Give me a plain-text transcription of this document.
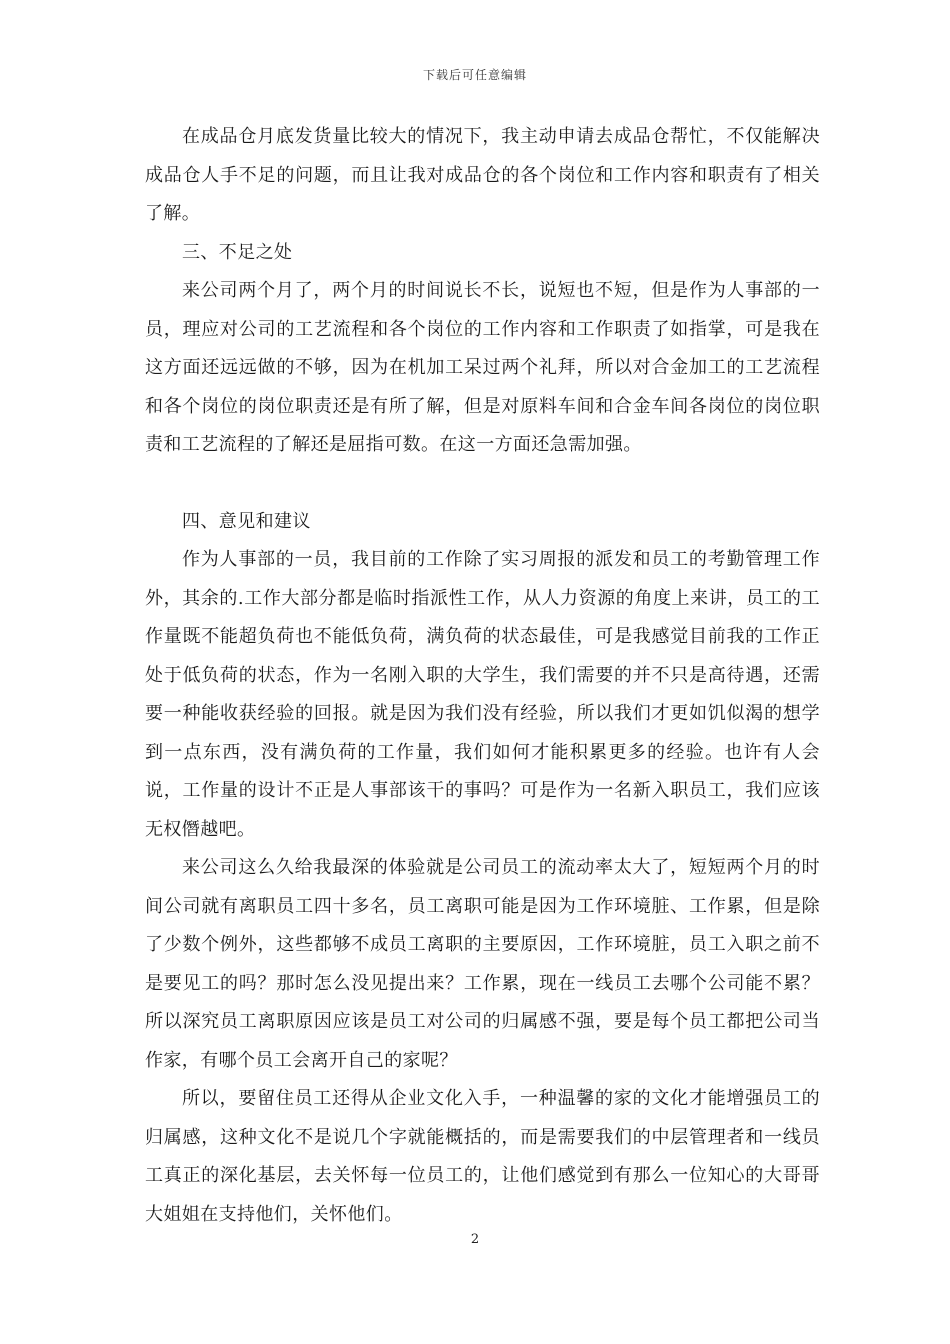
下载后可任意编辑

在成品仓月底发货量比较大的情况下，我主动申请去成品仓帮忙，不仅能解决成品仓人手不足的问题，而且让我对成品仓的各个岗位和工作内容和职责有了相关了解。

三、不足之处

来公司两个月了，两个月的时间说长不长，说短也不短，但是作为人事部的一员，理应对公司的工艺流程和各个岗位的工作内容和工作职责了如指掌，可是我在这方面还远远做的不够，因为在机加工呆过两个礼拜，所以对合金加工的工艺流程和各个岗位的岗位职责还是有所了解，但是对原料车间和合金车间各岗位的岗位职责和工艺流程的了解还是屈指可数。在这一方面还急需加强。

四、意见和建议

作为人事部的一员，我目前的工作除了实习周报的派发和员工的考勤管理工作外，其余的.工作大部分都是临时指派性工作，从人力资源的角度上来讲，员工的工作量既不能超负荷也不能低负荷，满负荷的状态最佳，可是我感觉目前我的工作正处于低负荷的状态，作为一名刚入职的大学生，我们需要的并不只是高待遇，还需要一种能收获经验的回报。就是因为我们没有经验，所以我们才更如饥似渴的想学到一点东西，没有满负荷的工作量，我们如何才能积累更多的经验。也许有人会说，工作量的设计不正是人事部该干的事吗？可是作为一名新入职员工，我们应该无权僭越吧。

来公司这么久给我最深的体验就是公司员工的流动率太大了，短短两个月的时间公司就有离职员工四十多名，员工离职可能是因为工作环境脏、工作累，但是除了少数个例外，这些都够不成员工离职的主要原因，工作环境脏，员工入职之前不是要见工的吗？那时怎么没见提出来？工作累，现在一线员工去哪个公司能不累？所以深究员工离职原因应该是员工对公司的归属感不强，要是每个员工都把公司当作家，有哪个员工会离开自己的家呢？

所以，要留住员工还得从企业文化入手，一种温馨的家的文化才能增强员工的归属感，这种文化不是说几个字就能概括的，而是需要我们的中层管理者和一线员工真正的深化基层，去关怀每一位员工的，让他们感觉到有那么一位知心的大哥哥大姐姐在支持他们，关怀他们。

2
